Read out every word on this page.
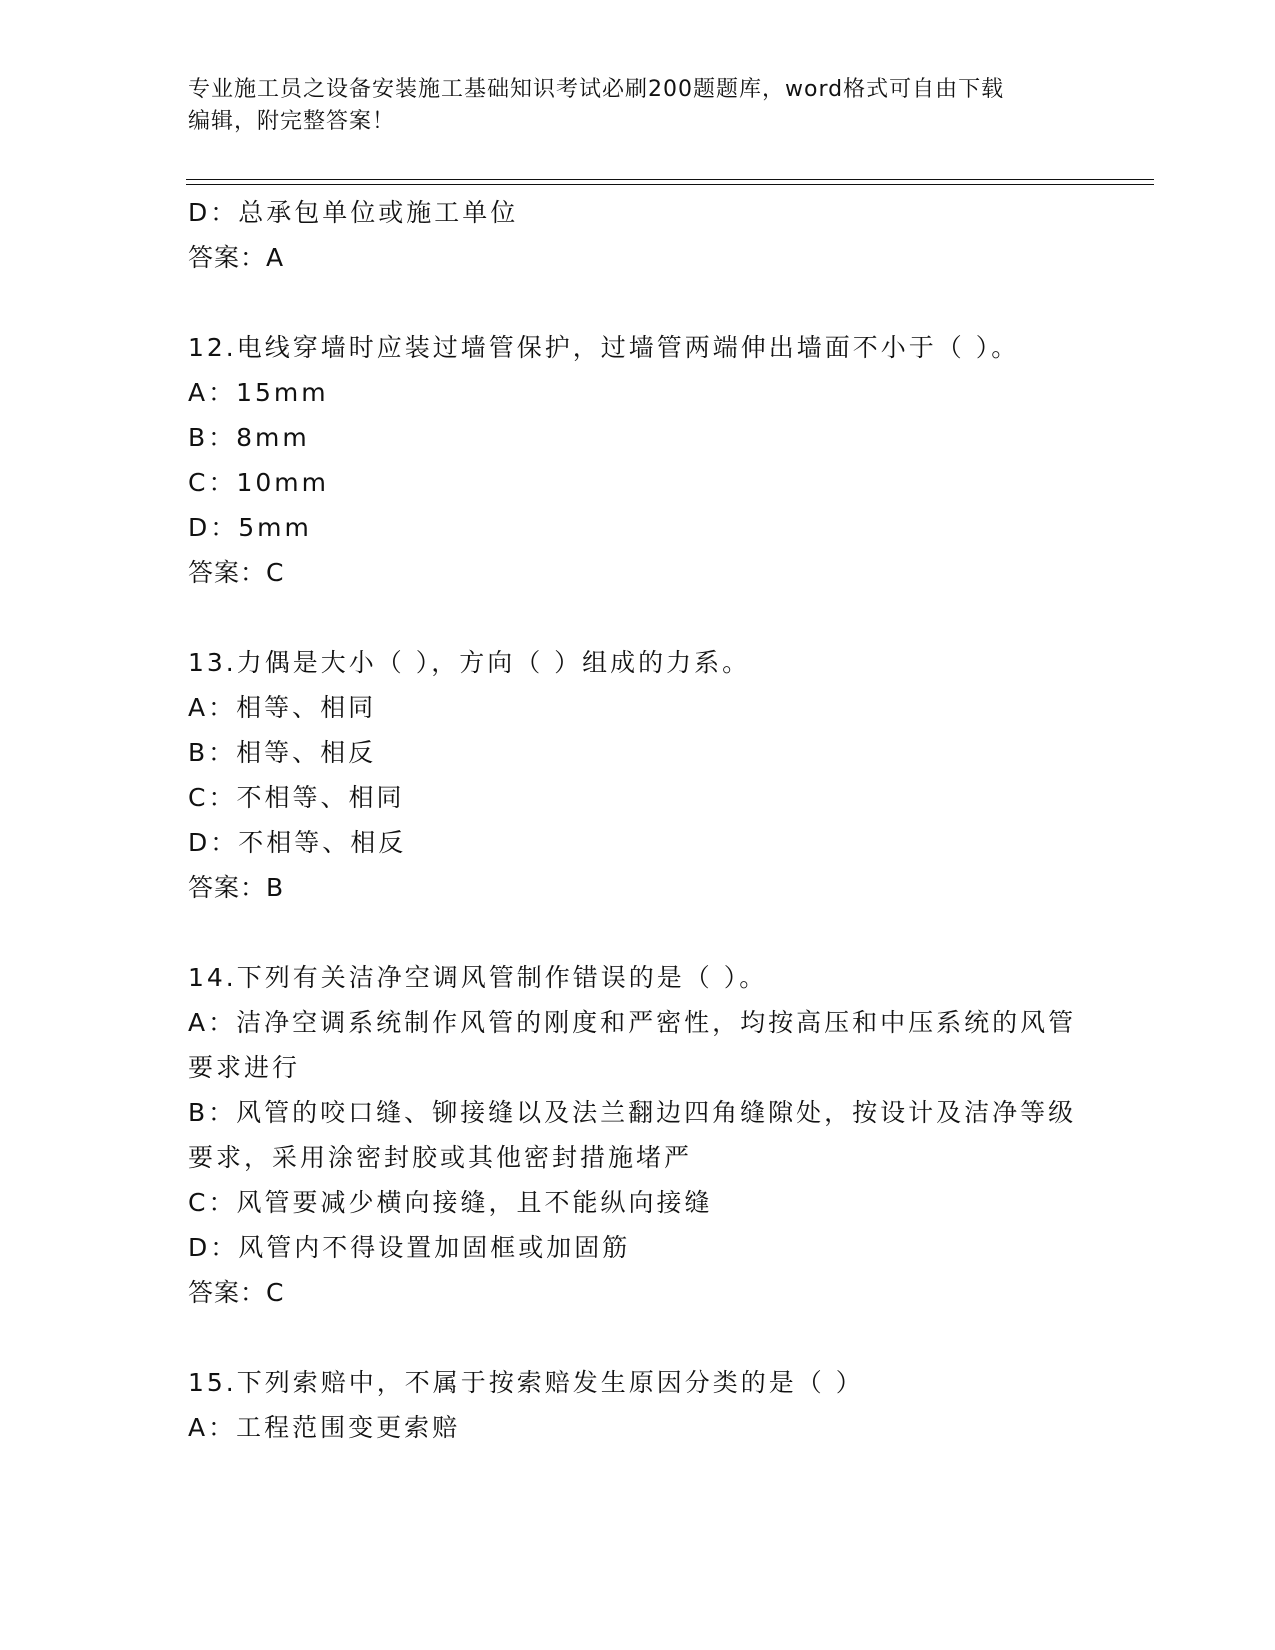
专业施工员之设备安装施工基础知识考试必刷200题题库，word格式可自由下载
编辑，附完整答案！
D：总承包单位或施工单位
答案：A
12.电线穿墙时应装过墙管保护，过墙管两端伸出墙面不小于（ ）。
A：15mm
B：8mm
C：10mm
D：5mm
答案：C
13.力偶是大小（ ），方向（ ）组成的力系。
A：相等、相同
B：相等、相反
C：不相等、相同
D：不相等、相反
答案：B
14.下列有关洁净空调风管制作错误的是（ ）。
A：洁净空调系统制作风管的刚度和严密性，均按高压和中压系统的风管要求进行
B：风管的咬口缝、铆接缝以及法兰翻边四角缝隙处，按设计及洁净等级要求，采用涂密封胶或其他密封措施堵严
C：风管要减少横向接缝，且不能纵向接缝
D：风管内不得设置加固框或加固筋
答案：C
15.下列索赔中，不属于按索赔发生原因分类的是（ ）
A：工程范围变更索赔
